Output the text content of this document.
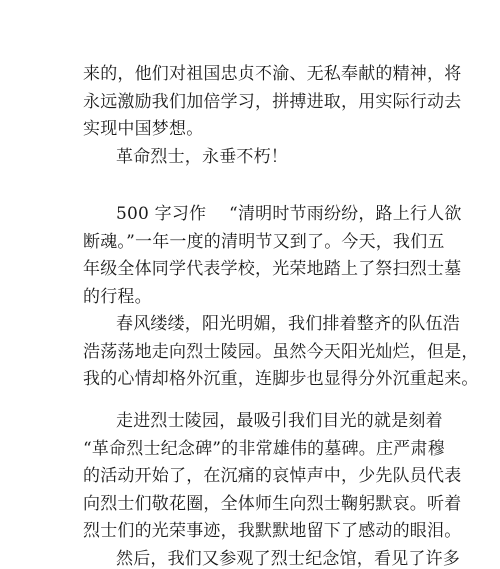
来的，他们对祖国忠贞不渝、无私奉献的精神，将
永远激励我们加倍学习，拼搏进取，用实际行动去
实现中国梦想。
革命烈士，永垂不朽！
500 字习作　 “清明时节雨纷纷，路上行人欲
断魂。”一年一度的清明节又到了。今天，我们五
年级全体同学代表学校，光荣地踏上了祭扫烈士墓
的行程。
春风缕缕，阳光明媚，我们排着整齐的队伍浩
浩荡荡地走向烈士陵园。虽然今天阳光灿烂，但是，
我的心情却格外沉重，连脚步也显得分外沉重起来。
走进烈士陵园，最吸引我们目光的就是刻着
“革命烈士纪念碑”的非常雄伟的墓碑。庄严肃穆
的活动开始了，在沉痛的哀悼声中，少先队员代表
向烈士们敬花圈，全体师生向烈士鞠躬默哀。听着
烈士们的光荣事迹，我默默地留下了感动的眼泪。
然后，我们又参观了烈士纪念馆，看见了许多
